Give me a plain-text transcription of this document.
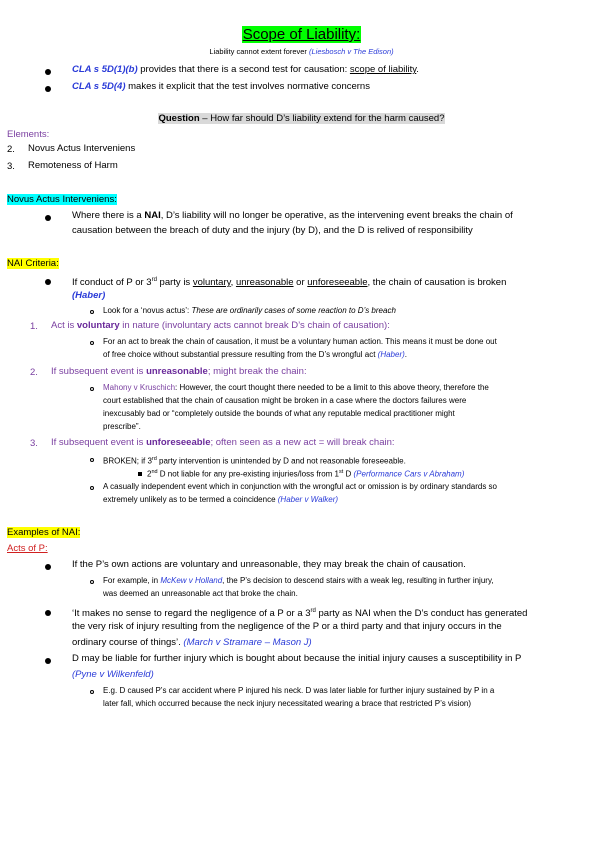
Scope of Liability:
Liability cannot extent forever (Liesbosch v The Edison)
CLA s 5D(1)(b) provides that there is a second test for causation: scope of liability.
CLA s 5D(4) makes it explicit that the test involves normative concerns
Question – How far should D’s liability extend for the harm caused?
Elements:
2. Novus Actus Interveniens
3. Remoteness of Harm
Novus Actus Interveniens:
Where there is a NAI, D’s liability will no longer be operative, as the intervening event breaks the chain of
causation between the breach of duty and the injury (by D), and the D is relived of responsibility
NAI Criteria:
If conduct of P or 3rd party is voluntary, unreasonable or unforeseeable, the chain of causation is broken
(Haber)
Look for a ‘novus actus’: These are ordinarily cases of some reaction to D’s breach
1. Act is voluntary in nature (involuntary acts cannot break D’s chain of causation):
For an act to break the chain of causation, it must be a voluntary human action. This means it must be done out
of free choice without substantial pressure resulting from the D’s wrongful act (Haber).
2. If subsequent event is unreasonable; might break the chain:
Mahony v Kruschich: However, the court thought there needed to be a limit to this above theory, therefore the
court established that the chain of causation might be broken in a case where the doctors failures were
inexcusably bad or “completely outside the bounds of what any reputable medical practitioner might
prescribe”.
3. If subsequent event is unforeseeable; often seen as a new act = will break chain:
BROKEN; if 3rd party intervention is unintended by D and not reasonable foreseeable.
2nd D not liable for any pre-existing injuries/loss from 1st D (Performance Cars v Abraham)
A casually independent event which in conjunction with the wrongful act or omission is by ordinary standards so
extremely unlikely as to be termed a coincidence (Haber v Walker)
Examples of NAI:
Acts of P:
If the P’s own actions are voluntary and unreasonable, they may break the chain of causation.
For example, in McKew v Holland, the P’s decision to descend stairs with a weak leg, resulting in further injury,
was deemed an unreasonable act that broke the chain.
‘It makes no sense to regard the negligence of a P or a 3rd party as NAI when the D’s conduct has generated
the very risk of injury resulting from the negligence of the P or a third party and that injury occurs in the
ordinary course of things’. (March v Stramare – Mason J)
D may be liable for further injury which is bought about because the initial injury causes a susceptibility in P
(Pyne v Wilkenfeld)
E.g. D caused P’s car accident where P injured his neck. D was later liable for further injury sustained by P in a
later fall, which occurred because the neck injury necessitated wearing a brace that restricted P’s vision)
